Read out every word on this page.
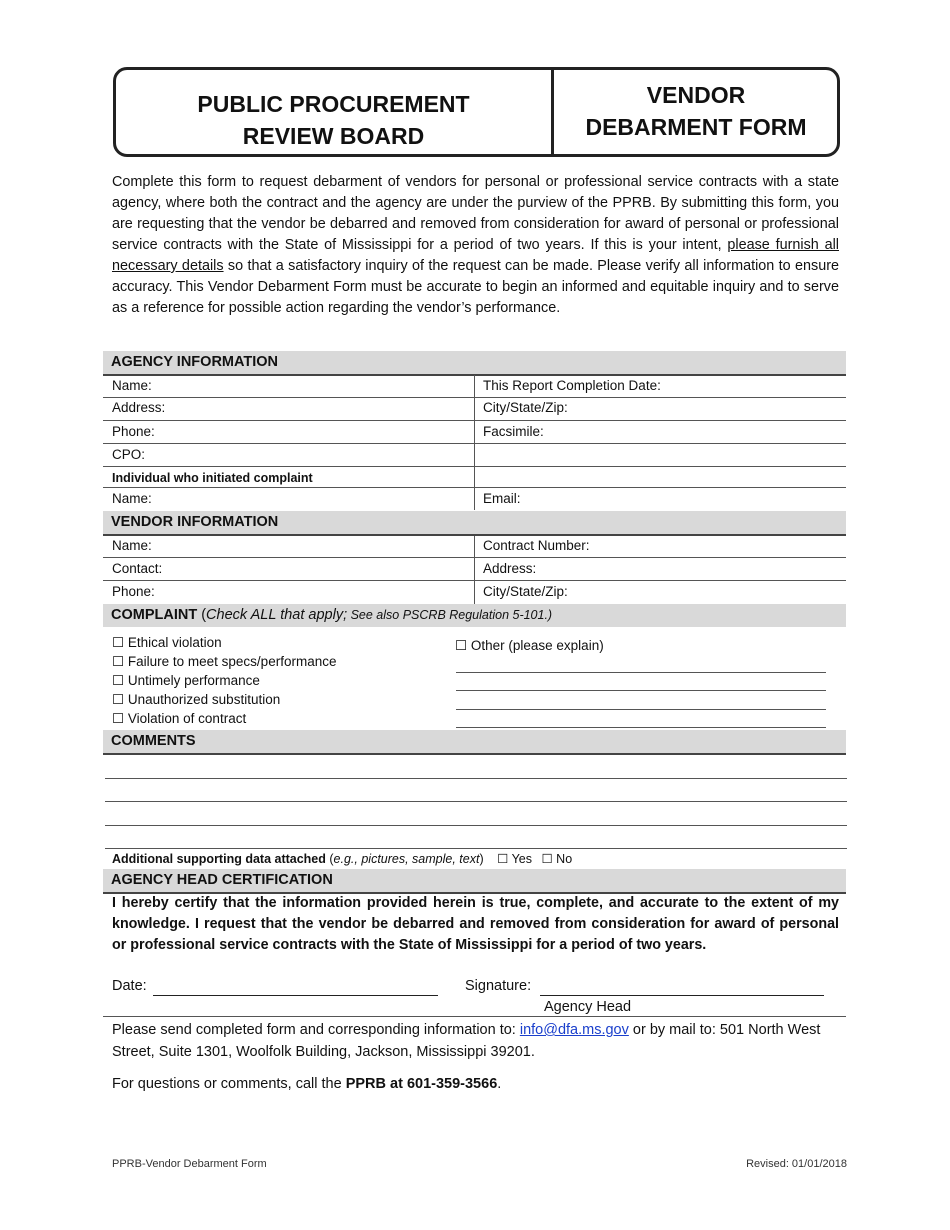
PUBLIC PROCUREMENT
REVIEW BOARD
VENDOR
DEBARMENT FORM
Complete this form to request debarment of vendors for personal or professional service contracts with a state agency, where both the contract and the agency are under the purview of the PPRB. By submitting this form, you are requesting that the vendor be debarred and removed from consideration for award of personal or professional service contracts with the State of Mississippi for a period of two years. If this is your intent, please furnish all necessary details so that a satisfactory inquiry of the request can be made. Please verify all information to ensure accuracy. This Vendor Debarment Form must be accurate to begin an informed and equitable inquiry and to serve as a reference for possible action regarding the vendor’s performance.
AGENCY INFORMATION
Name:	This Report Completion Date:
Address:	City/State/Zip:
Phone:	Facsimile:
CPO:
Individual who initiated complaint
Name:	Email:
VENDOR INFORMATION
Name:	Contract Number:
Contact:	Address:
Phone:	City/State/Zip:
COMPLAINT (Check ALL that apply; See also PSCRB Regulation 5-101.)
☐ Ethical violation
☐ Failure to meet specs/performance
☐ Untimely performance
☐ Unauthorized substitution
☐ Violation of contract
☐ Other (please explain)
COMMENTS
Additional supporting data attached (e.g., pictures, sample, text) ☐ Yes ☐ No
AGENCY HEAD CERTIFICATION
I hereby certify that the information provided herein is true, complete, and accurate to the extent of my knowledge. I request that the vendor be debarred and removed from consideration for award of personal or professional service contracts with the State of Mississippi for a period of two years.
Date:	Signature:
Agency Head
Please send completed form and corresponding information to: info@dfa.ms.gov or by mail to: 501 North West Street, Suite 1301, Woolfolk Building, Jackson, Mississippi 39201.
For questions or comments, call the PPRB at 601-359-3566.
PPRB-Vendor Debarment Form	Revised: 01/01/2018
